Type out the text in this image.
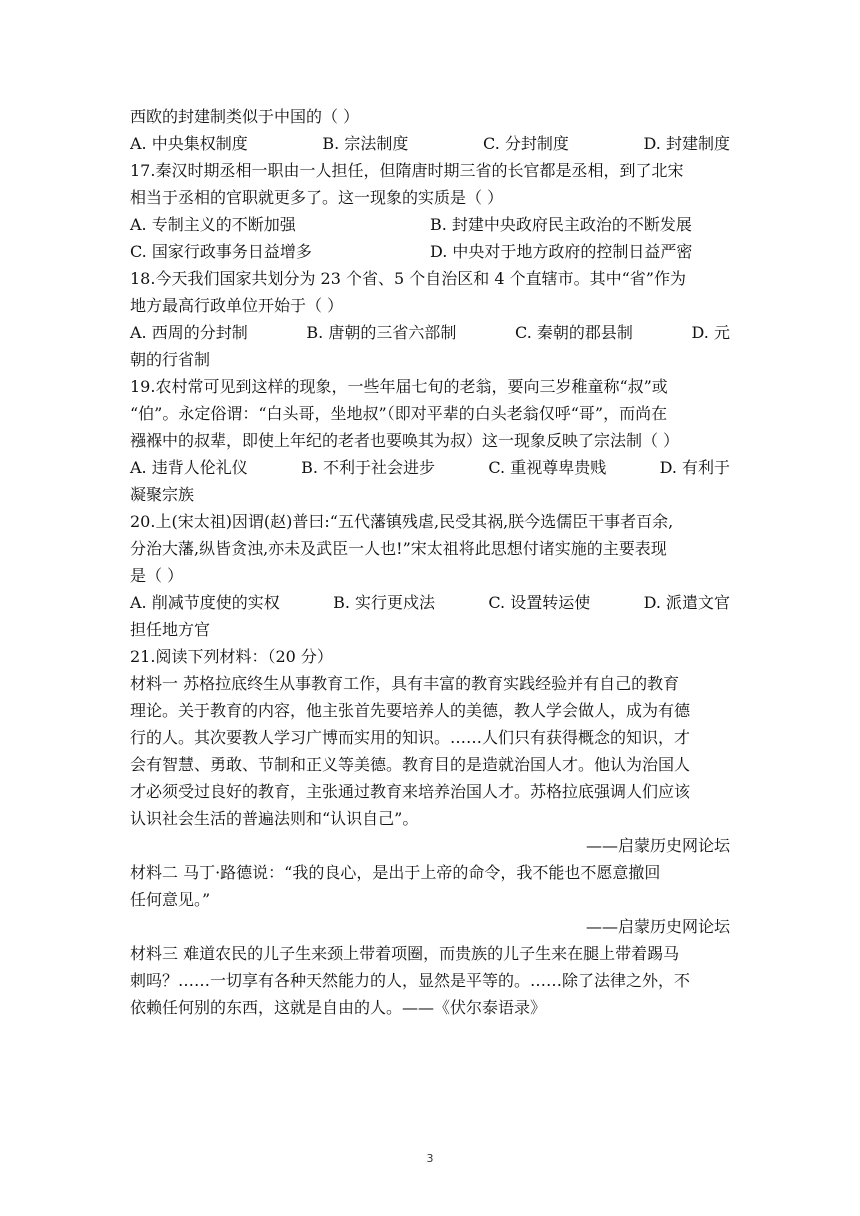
西欧的封建制类似于中国的（ ）
A. 中央集权制度	B. 宗法制度	C. 分封制度	D. 封建制度
17.秦汉时期丞相一职由一人担任，但隋唐时期三省的长官都是丞相，到了北宋
相当于丞相的官职就更多了。这一现象的实质是（ ）
A. 专制主义的不断加强	B. 封建中央政府民主政治的不断发展
C. 国家行政事务日益增多	D. 中央对于地方政府的控制日益严密
18.今天我们国家共划分为 23 个省、5 个自治区和 4 个直辖市。其中“省”作为
地方最高行政单位开始于（ ）
A. 西周的分封制	B. 唐朝的三省六部制	C. 秦朝的郡县制	D. 元
朝的行省制
19.农村常可见到这样的现象，一些年届七旬的老翁，要向三岁稚童称“叔”或
“伯”。永定俗谓：“白头哥，坐地叔”（即对平辈的白头老翁仅呼“哥”，而尚在
襁褓中的叔辈，即使上年纪的老者也要唤其为叔）这一现象反映了宗法制（ ）
A. 违背人伦礼仪	B. 不利于社会进步	C. 重视尊卑贵贱	D. 有利于
凝聚宗族
20.上(宋太祖)因谓(赵)普曰:“五代藩镇残虐,民受其祸,朕今选儒臣干事者百余,
分治大藩,纵皆贪浊,亦未及武臣一人也!”宋太祖将此思想付诸实施的主要表现
是（ ）
A. 削减节度使的实权	B. 实行更戍法	C. 设置转运使	D. 派遣文官
担任地方官
21.阅读下列材料：（20 分）
材料一 苏格拉底终生从事教育工作，具有丰富的教育实践经验并有自己的教育
理论。关于教育的内容，他主张首先要培养人的美德，教人学会做人，成为有德
行的人。其次要教人学习广博而实用的知识。……人们只有获得概念的知识，才
会有智慧、勇敢、节制和正义等美德。教育目的是造就治国人才。他认为治国人
才必须受过良好的教育，主张通过教育来培养治国人才。苏格拉底强调人们应该
认识社会生活的普遍法则和“认识自己”。
——启蒙历史网论坛
材料二 马丁·路德说：“我的良心，是出于上帝的命令，我不能也不愿意撤回
任何意见。”
——启蒙历史网论坛
材料三 难道农民的儿子生来颈上带着项圈，而贵族的儿子生来在腿上带着踢马
刺吗？……一切享有各种天然能力的人，显然是平等的。……除了法律之外，不
依赖任何别的东西，这就是自由的人。——《伏尔泰语录》
3
